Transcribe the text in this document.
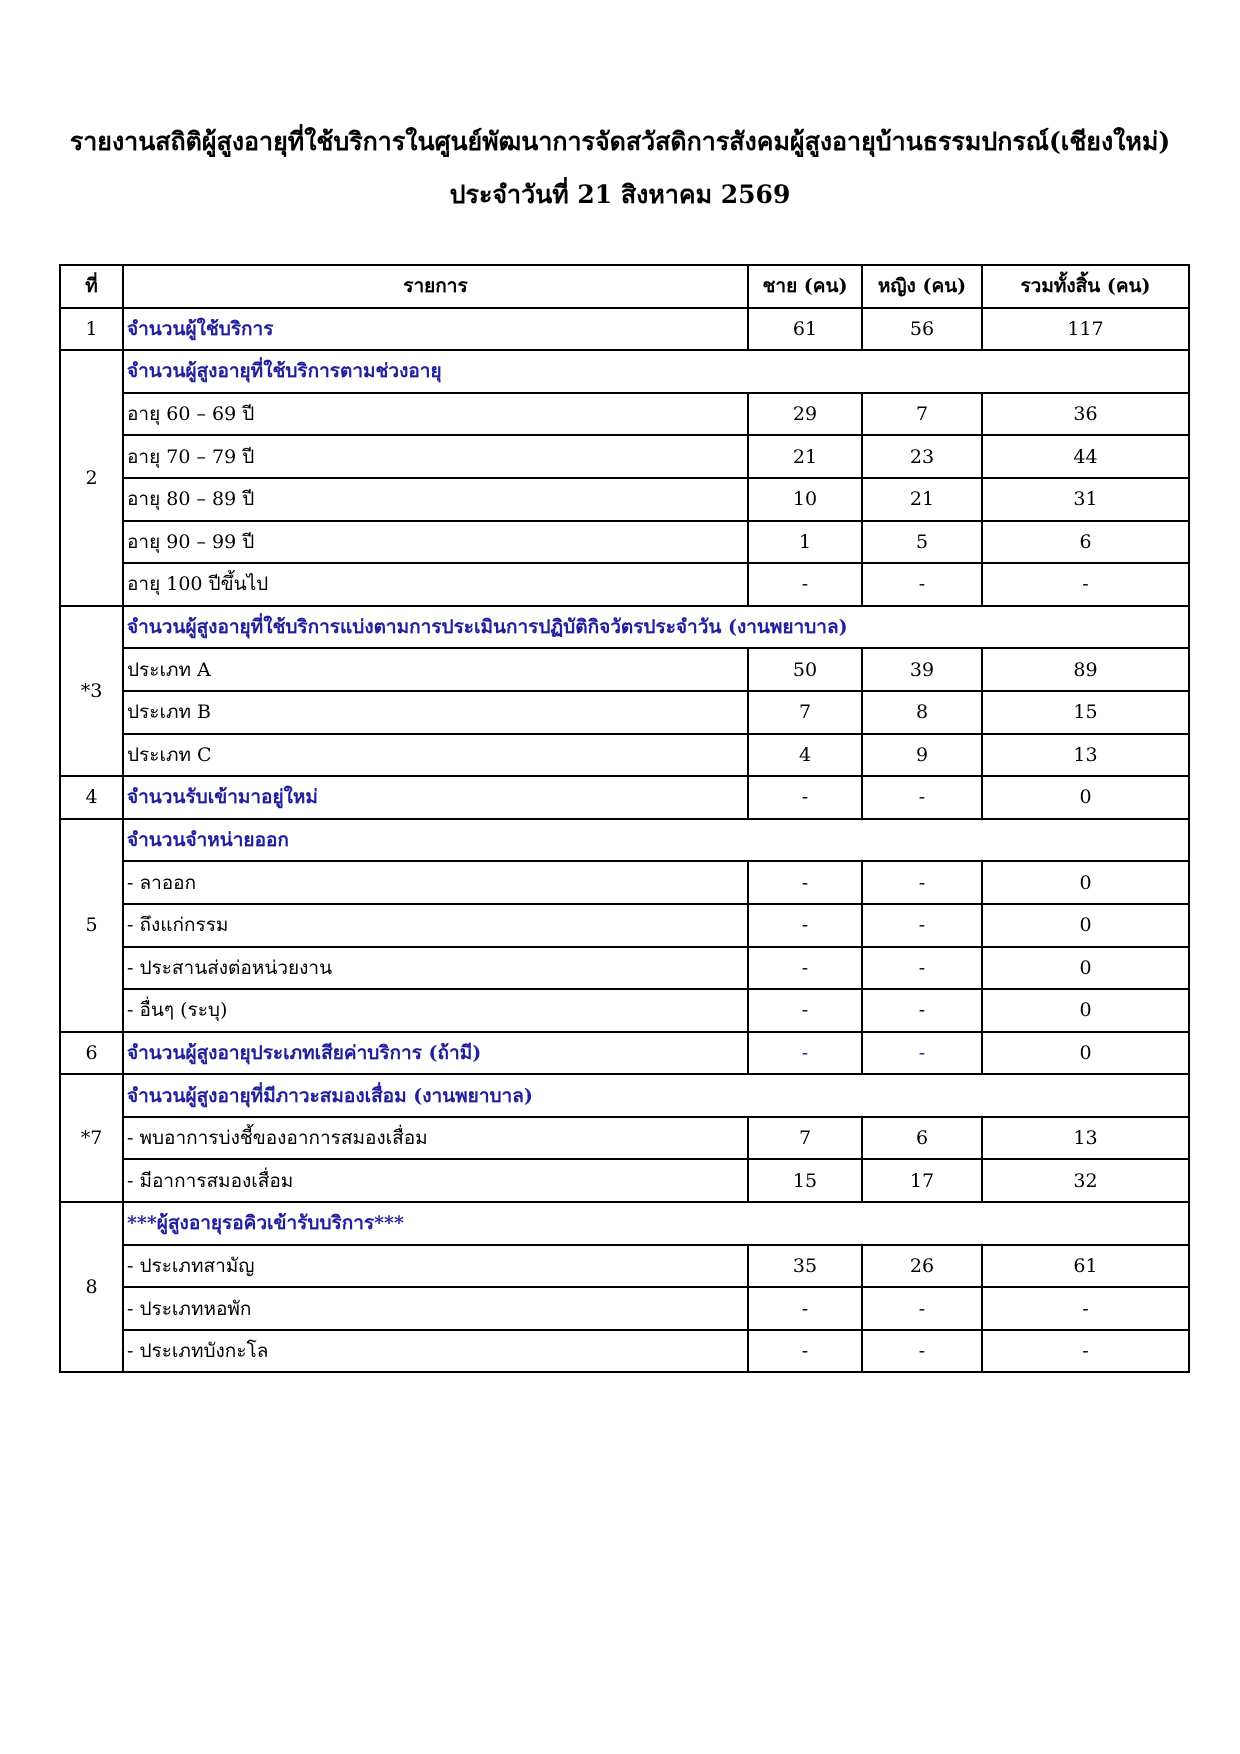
รายงานสถิติผู้สูงอายุที่ใช้บริการในศูนย์พัฒนาการจัดสวัสดิการสังคมผู้สูงอายุบ้านธรรมปกรณ์(เชียงใหม่)
ประจำวันที่ 21 สิงหาคม 2569
ที่	รายการ	ชาย (คน)	หญิง (คน)	รวมทั้งสิ้น (คน)
1	จำนวนผู้ใช้บริการ	61	56	117
2	จำนวนผู้สูงอายุที่ใช้บริการตามช่วงอายุ			
	อายุ 60 – 69 ปี	29	7	36
	อายุ 70 – 79 ปี	21	23	44
	อายุ 80 – 89 ปี	10	21	31
	อายุ 90 – 99 ปี	1	5	6
	อายุ 100 ปีขึ้นไป	-	-	-
*3	จำนวนผู้สูงอายุที่ใช้บริการแบ่งตามการประเมินการปฏิบัติกิจวัตรประจำวัน (งานพยาบาล)			
	ประเภท A	50	39	89
	ประเภท B	7	8	15
	ประเภท C	4	9	13
4	จำนวนรับเข้ามาอยู่ใหม่	-	-	0
5	จำนวนจำหน่ายออก			
	- ลาออก	-	-	0
	- ถึงแก่กรรม	-	-	0
	- ประสานส่งต่อหน่วยงาน	-	-	0
	- อื่นๆ (ระบุ)	-	-	0
6	จำนวนผู้สูงอายุประเภทเสียค่าบริการ (ถ้ามี)	-	-	0
*7	จำนวนผู้สูงอายุที่มีภาวะสมองเสื่อม (งานพยาบาล)			
	- พบอาการบ่งชี้ของอาการสมองเสื่อม	7	6	13
	- มีอาการสมองเสื่อม	15	17	32
8	***ผู้สูงอายุรอคิวเข้ารับบริการ***			
	- ประเภทสามัญ	35	26	61
	- ประเภทหอพัก	-	-	-
	- ประเภทบังกะโล	-	-	-
